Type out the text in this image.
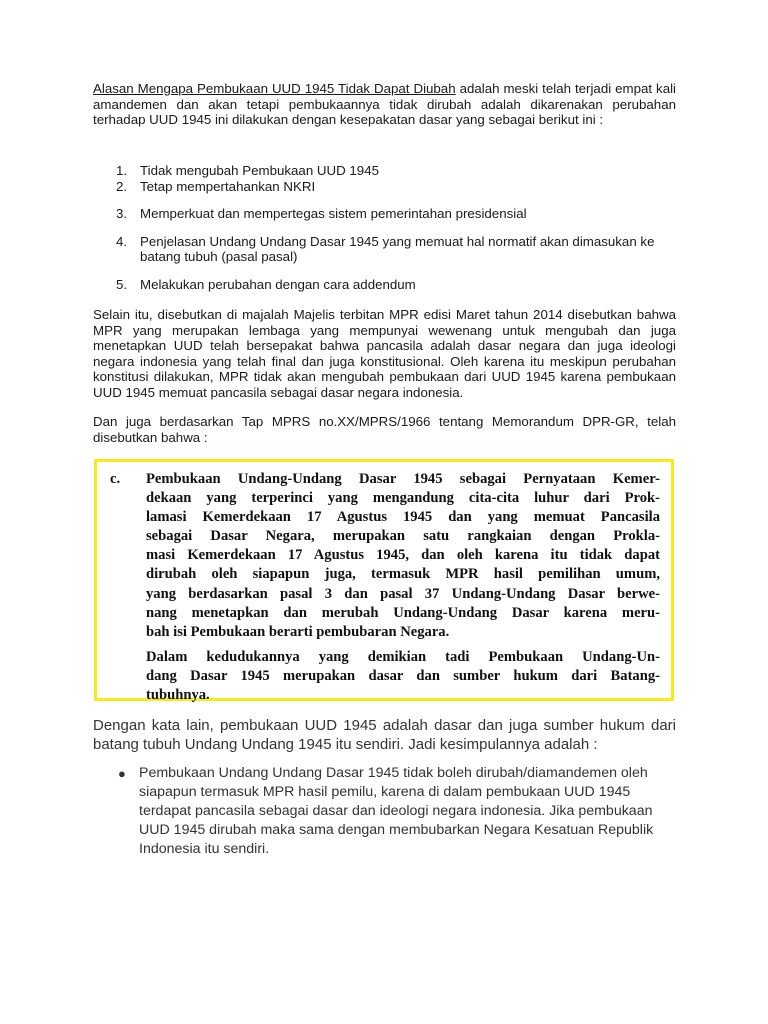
Alasan Mengapa Pembukaan UUD 1945 Tidak Dapat Diubah adalah meski telah terjadi empat kali amandemen dan akan tetapi pembukaannya tidak dirubah adalah dikarenakan perubahan terhadap UUD 1945 ini dilakukan dengan kesepakatan dasar yang sebagai berikut ini :

1. Tidak mengubah Pembukaan UUD 1945
2. Tetap mempertahankan NKRI
3. Memperkuat dan mempertegas sistem pemerintahan presidensial
4. Penjelasan Undang Undang Dasar 1945 yang memuat hal normatif akan dimasukan ke batang tubuh (pasal pasal)
5. Melakukan perubahan dengan cara addendum

Selain itu, disebutkan di majalah Majelis terbitan MPR edisi Maret tahun 2014 disebutkan bahwa MPR yang merupakan lembaga yang mempunyai wewenang untuk mengubah dan juga menetapkan UUD telah bersepakat bahwa pancasila adalah dasar negara dan juga ideologi negara indonesia yang telah final dan juga konstitusional. Oleh karena itu meskipun perubahan konstitusi dilakukan, MPR tidak akan mengubah pembukaan dari UUD 1945 karena pembukaan UUD 1945 memuat pancasila sebagai dasar negara indonesia.

Dan juga berdasarkan Tap MPRS no.XX/MPRS/1966 tentang Memorandum DPR-GR, telah disebutkan bahwa :

c. Pembukaan Undang-Undang Dasar 1945 sebagai Pernyataan Kemer-
dekaan yang terperinci yang mengandung cita-cita luhur dari Prok-
lamasi Kemerdekaan 17 Agustus 1945 dan yang memuat Pancasila
sebagai Dasar Negara, merupakan satu rangkaian dengan Prokla-
masi Kemerdekaan 17 Agustus 1945, dan oleh karena itu tidak dapat
dirubah oleh siapapun juga, termasuk MPR hasil pemilihan umum,
yang berdasarkan pasal 3 dan pasal 37 Undang-Undang Dasar berwe-
nang menetapkan dan merubah Undang-Undang Dasar karena meru-
bah isi Pembukaan berarti pembubaran Negara.
Dalam kedudukannya yang demikian tadi Pembukaan Undang-Un-
dang Dasar 1945 merupakan dasar dan sumber hukum dari Batang-
tubuhnya.

Dengan kata lain, pembukaan UUD 1945 adalah dasar dan juga sumber hukum dari batang tubuh Undang Undang 1945 itu sendiri. Jadi kesimpulannya adalah :

● Pembukaan Undang Undang Dasar 1945 tidak boleh dirubah/diamandemen oleh siapapun termasuk MPR hasil pemilu, karena di dalam pembukaan UUD 1945 terdapat pancasila sebagai dasar dan ideologi negara indonesia. Jika pembukaan UUD 1945 dirubah maka sama dengan membubarkan Negara Kesatuan Republik Indonesia itu sendiri.
